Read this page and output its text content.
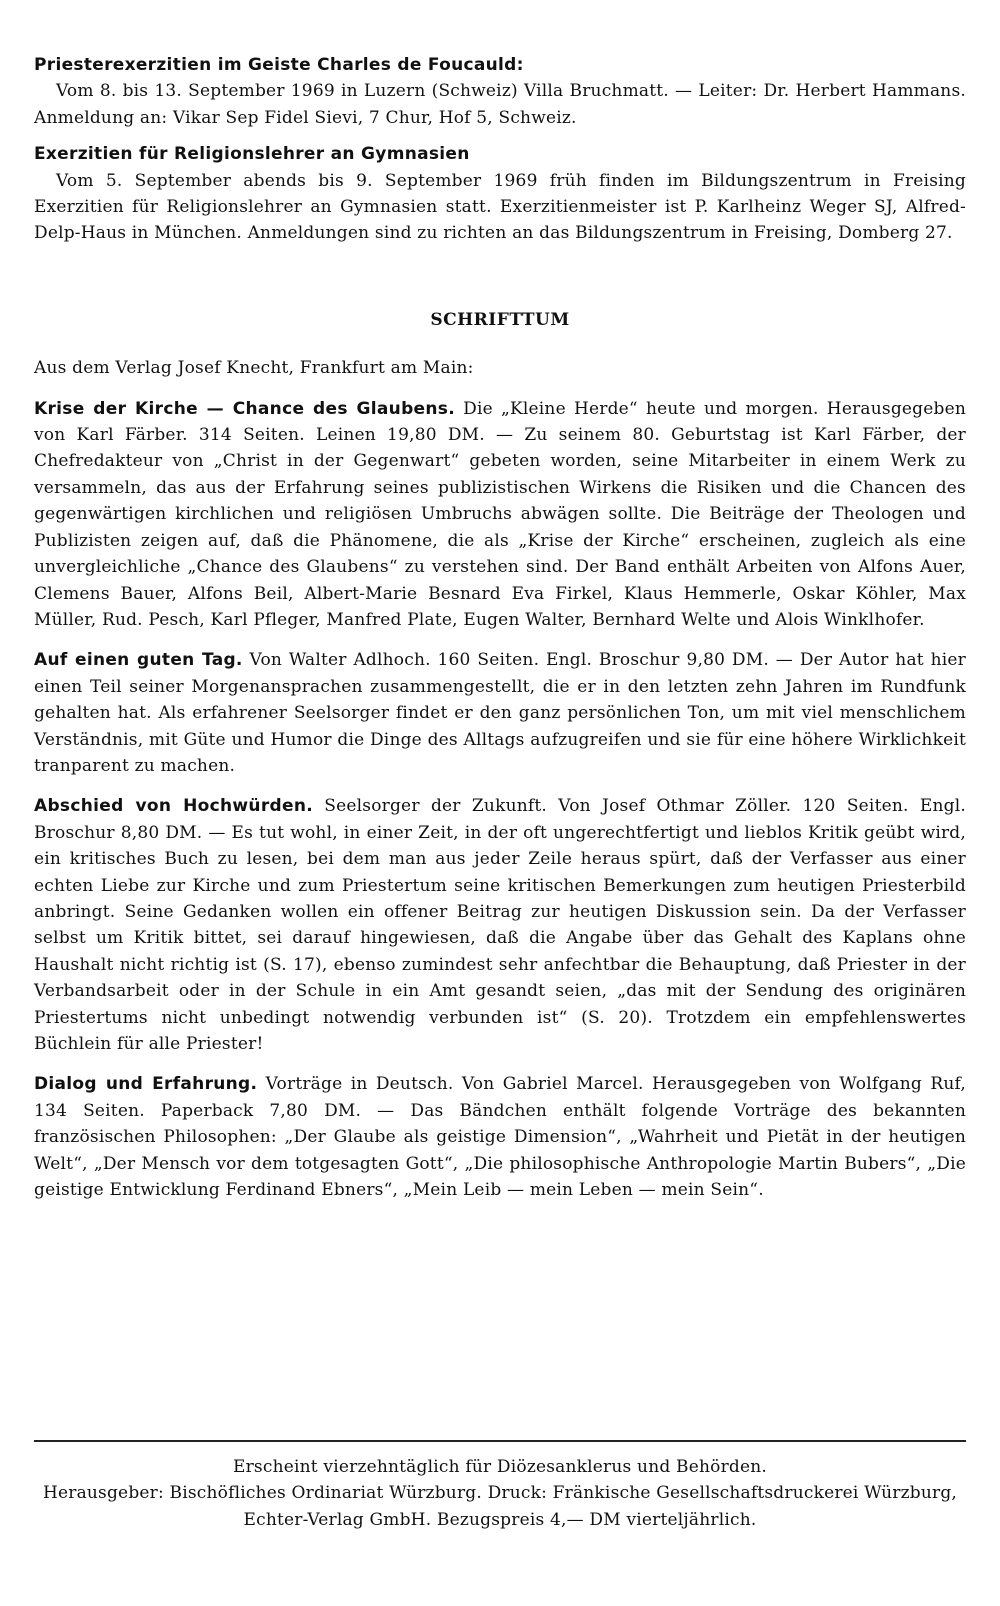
Priesterexerzitien im Geiste Charles de Foucauld:

Vom 8. bis 13. September 1969 in Luzern (Schweiz) Villa Bruchmatt. — Leiter: Dr. Herbert Hammans. Anmeldung an: Vikar Sep Fidel Sievi, 7 Chur, Hof 5, Schweiz.

Exerzitien für Religionslehrer an Gymnasien

Vom 5. September abends bis 9. September 1969 früh finden im Bildungszentrum in Freising Exerzitien für Religionslehrer an Gymnasien statt. Exerzitienmeister ist P. Karlheinz Weger SJ, Alfred-Delp-Haus in München. Anmeldungen sind zu richten an das Bildungszentrum in Freising, Domberg 27.

SCHRIFTTUM
Aus dem Verlag Josef Knecht, Frankfurt am Main:

Krise der Kirche — Chance des Glaubens. Die „Kleine Herde“ heute und morgen. Herausgegeben von Karl Färber. 314 Seiten. Leinen 19,80 DM. — Zu seinem 80. Geburtstag ist Karl Färber, der Chefredakteur von „Christ in der Gegenwart“ gebeten worden, seine Mitarbeiter in einem Werk zu versammeln, das aus der Erfahrung seines publizistischen Wirkens die Risiken und die Chancen des gegenwärtigen kirchlichen und religiösen Umbruchs abwägen sollte. Die Beiträge der Theologen und Publizisten zeigen auf, daß die Phänomene, die als „Krise der Kirche“ erscheinen, zugleich als eine unvergleichliche „Chance des Glaubens“ zu verstehen sind. Der Band enthält Arbeiten von Alfons Auer, Clemens Bauer, Alfons Beil, Albert-Marie Besnard Eva Firkel, Klaus Hemmerle, Oskar Köhler, Max Müller, Rud. Pesch, Karl Pfleger, Manfred Plate, Eugen Walter, Bernhard Welte und Alois Winklhofer.

Auf einen guten Tag. Von Walter Adlhoch. 160 Seiten. Engl. Broschur 9,80 DM. — Der Autor hat hier einen Teil seiner Morgenansprachen zusammengestellt, die er in den letzten zehn Jahren im Rundfunk gehalten hat. Als erfahrener Seelsorger findet er den ganz persönlichen Ton, um mit viel menschlichem Verständnis, mit Güte und Humor die Dinge des Alltags aufzugreifen und sie für eine höhere Wirklichkeit tranparent zu machen.

Abschied von Hochwürden. Seelsorger der Zukunft. Von Josef Othmar Zöller. 120 Seiten. Engl. Broschur 8,80 DM. — Es tut wohl, in einer Zeit, in der oft ungerechtfertigt und lieblos Kritik geübt wird, ein kritisches Buch zu lesen, bei dem man aus jeder Zeile heraus spürt, daß der Verfasser aus einer echten Liebe zur Kirche und zum Priestertum seine kritischen Bemerkungen zum heutigen Priesterbild anbringt. Seine Gedanken wollen ein offener Beitrag zur heutigen Diskussion sein. Da der Verfasser selbst um Kritik bittet, sei darauf hingewiesen, daß die Angabe über das Gehalt des Kaplans ohne Haushalt nicht richtig ist (S. 17), ebenso zumindest sehr anfechtbar die Behauptung, daß Priester in der Verbandsarbeit oder in der Schule in ein Amt gesandt seien, „das mit der Sendung des originären Priestertums nicht unbedingt notwendig verbunden ist“ (S. 20). Trotzdem ein empfehlenswertes Büchlein für alle Priester!

Dialog und Erfahrung. Vorträge in Deutsch. Von Gabriel Marcel. Herausgegeben von Wolfgang Ruf, 134 Seiten. Paperback 7,80 DM. — Das Bändchen enthält folgende Vorträge des bekannten französischen Philosophen: „Der Glaube als geistige Dimension“, „Wahrheit und Pietät in der heutigen Welt“, „Der Mensch vor dem totgesagten Gott“, „Die philosophische Anthropologie Martin Bubers“, „Die geistige Entwicklung Ferdinand Ebners“, „Mein Leib — mein Leben — mein Sein“.

Erscheint vierzehntäglich für Diözesanklerus und Behörden.
Herausgeber: Bischöfliches Ordinariat Würzburg. Druck: Fränkische Gesellschaftsdruckerei Würzburg, Echter-Verlag GmbH. Bezugspreis 4,— DM vierteljährlich.
